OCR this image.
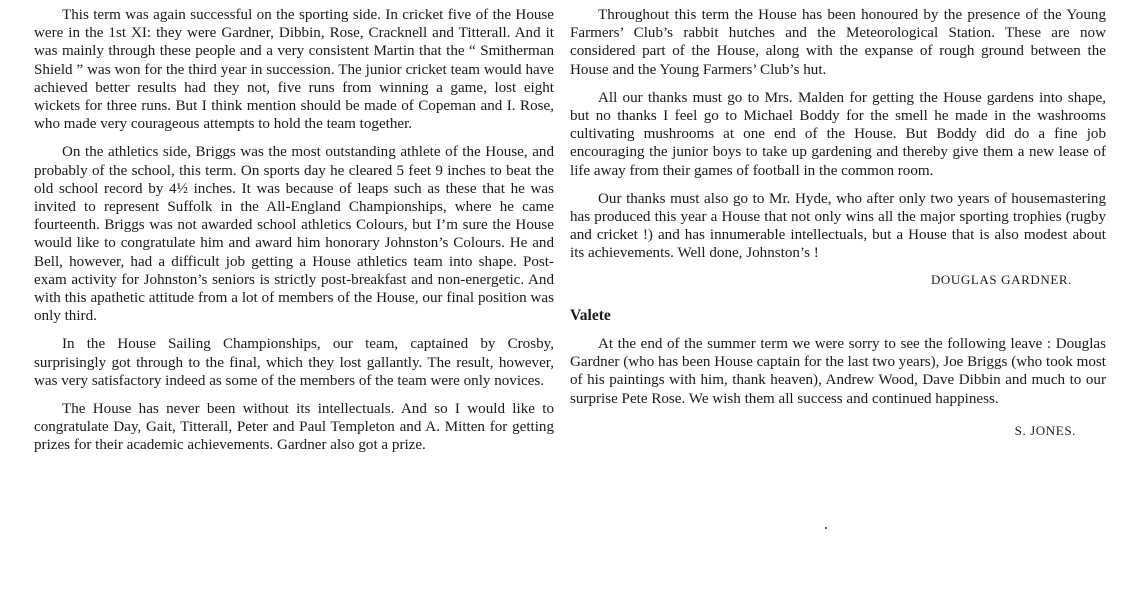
This term was again successful on the sporting side. In cricket five of the House were in the 1st XI: they were Gardner, Dibbin, Rose, Cracknell and Titterall. And it was mainly through these people and a very consistent Martin that the “ Smitherman Shield ” was won for the third year in succession. The junior cricket team would have achieved better results had they not, five runs from winning a game, lost eight wickets for three runs. But I think mention should be made of Copeman and I. Rose, who made very courageous attempts to hold the team together.

On the athletics side, Briggs was the most outstanding athlete of the House, and probably of the school, this term. On sports day he cleared 5 feet 9 inches to beat the old school record by 4½ inches. It was because of leaps such as these that he was invited to represent Suffolk in the All-England Championships, where he came fourteenth. Briggs was not awarded school athletics Colours, but I’m sure the House would like to congratulate him and award him honorary Johnston’s Colours. He and Bell, however, had a difficult job getting a House athletics team into shape. Post-exam activity for Johnston’s seniors is strictly post-breakfast and non-energetic. And with this apathetic attitude from a lot of members of the House, our final position was only third.

In the House Sailing Championships, our team, captained by Crosby, surprisingly got through to the final, which they lost gallantly. The result, however, was very satisfactory indeed as some of the members of the team were only novices.

The House has never been without its intellectuals. And so I would like to congratulate Day, Gait, Titterall, Peter and Paul Templeton and A. Mitten for getting prizes for their academic achievements. Gardner also got a prize.

Throughout this term the House has been honoured by the presence of the Young Farmers’ Club’s rabbit hutches and the Meteorological Station. These are now considered part of the House, along with the expanse of rough ground between the House and the Young Farmers’ Club’s hut.

All our thanks must go to Mrs. Malden for getting the House gardens into shape, but no thanks I feel go to Michael Boddy for the smell he made in the washrooms cultivating mushrooms at one end of the House. But Boddy did do a fine job encouraging the junior boys to take up gardening and thereby give them a new lease of life away from their games of football in the common room.

Our thanks must also go to Mr. Hyde, who after only two years of housemastering has produced this year a House that not only wins all the major sporting trophies (rugby and cricket !) and has innumerable intellectuals, but a House that is also modest about its achievements. Well done, Johnston’s !

DOUGLAS GARDNER.

Valete

At the end of the summer term we were sorry to see the following leave : Douglas Gardner (who has been House captain for the last two years), Joe Briggs (who took most of his paintings with him, thank heaven), Andrew Wood, Dave Dibbin and much to our surprise Pete Rose. We wish them all success and continued happiness.

S. JONES.
